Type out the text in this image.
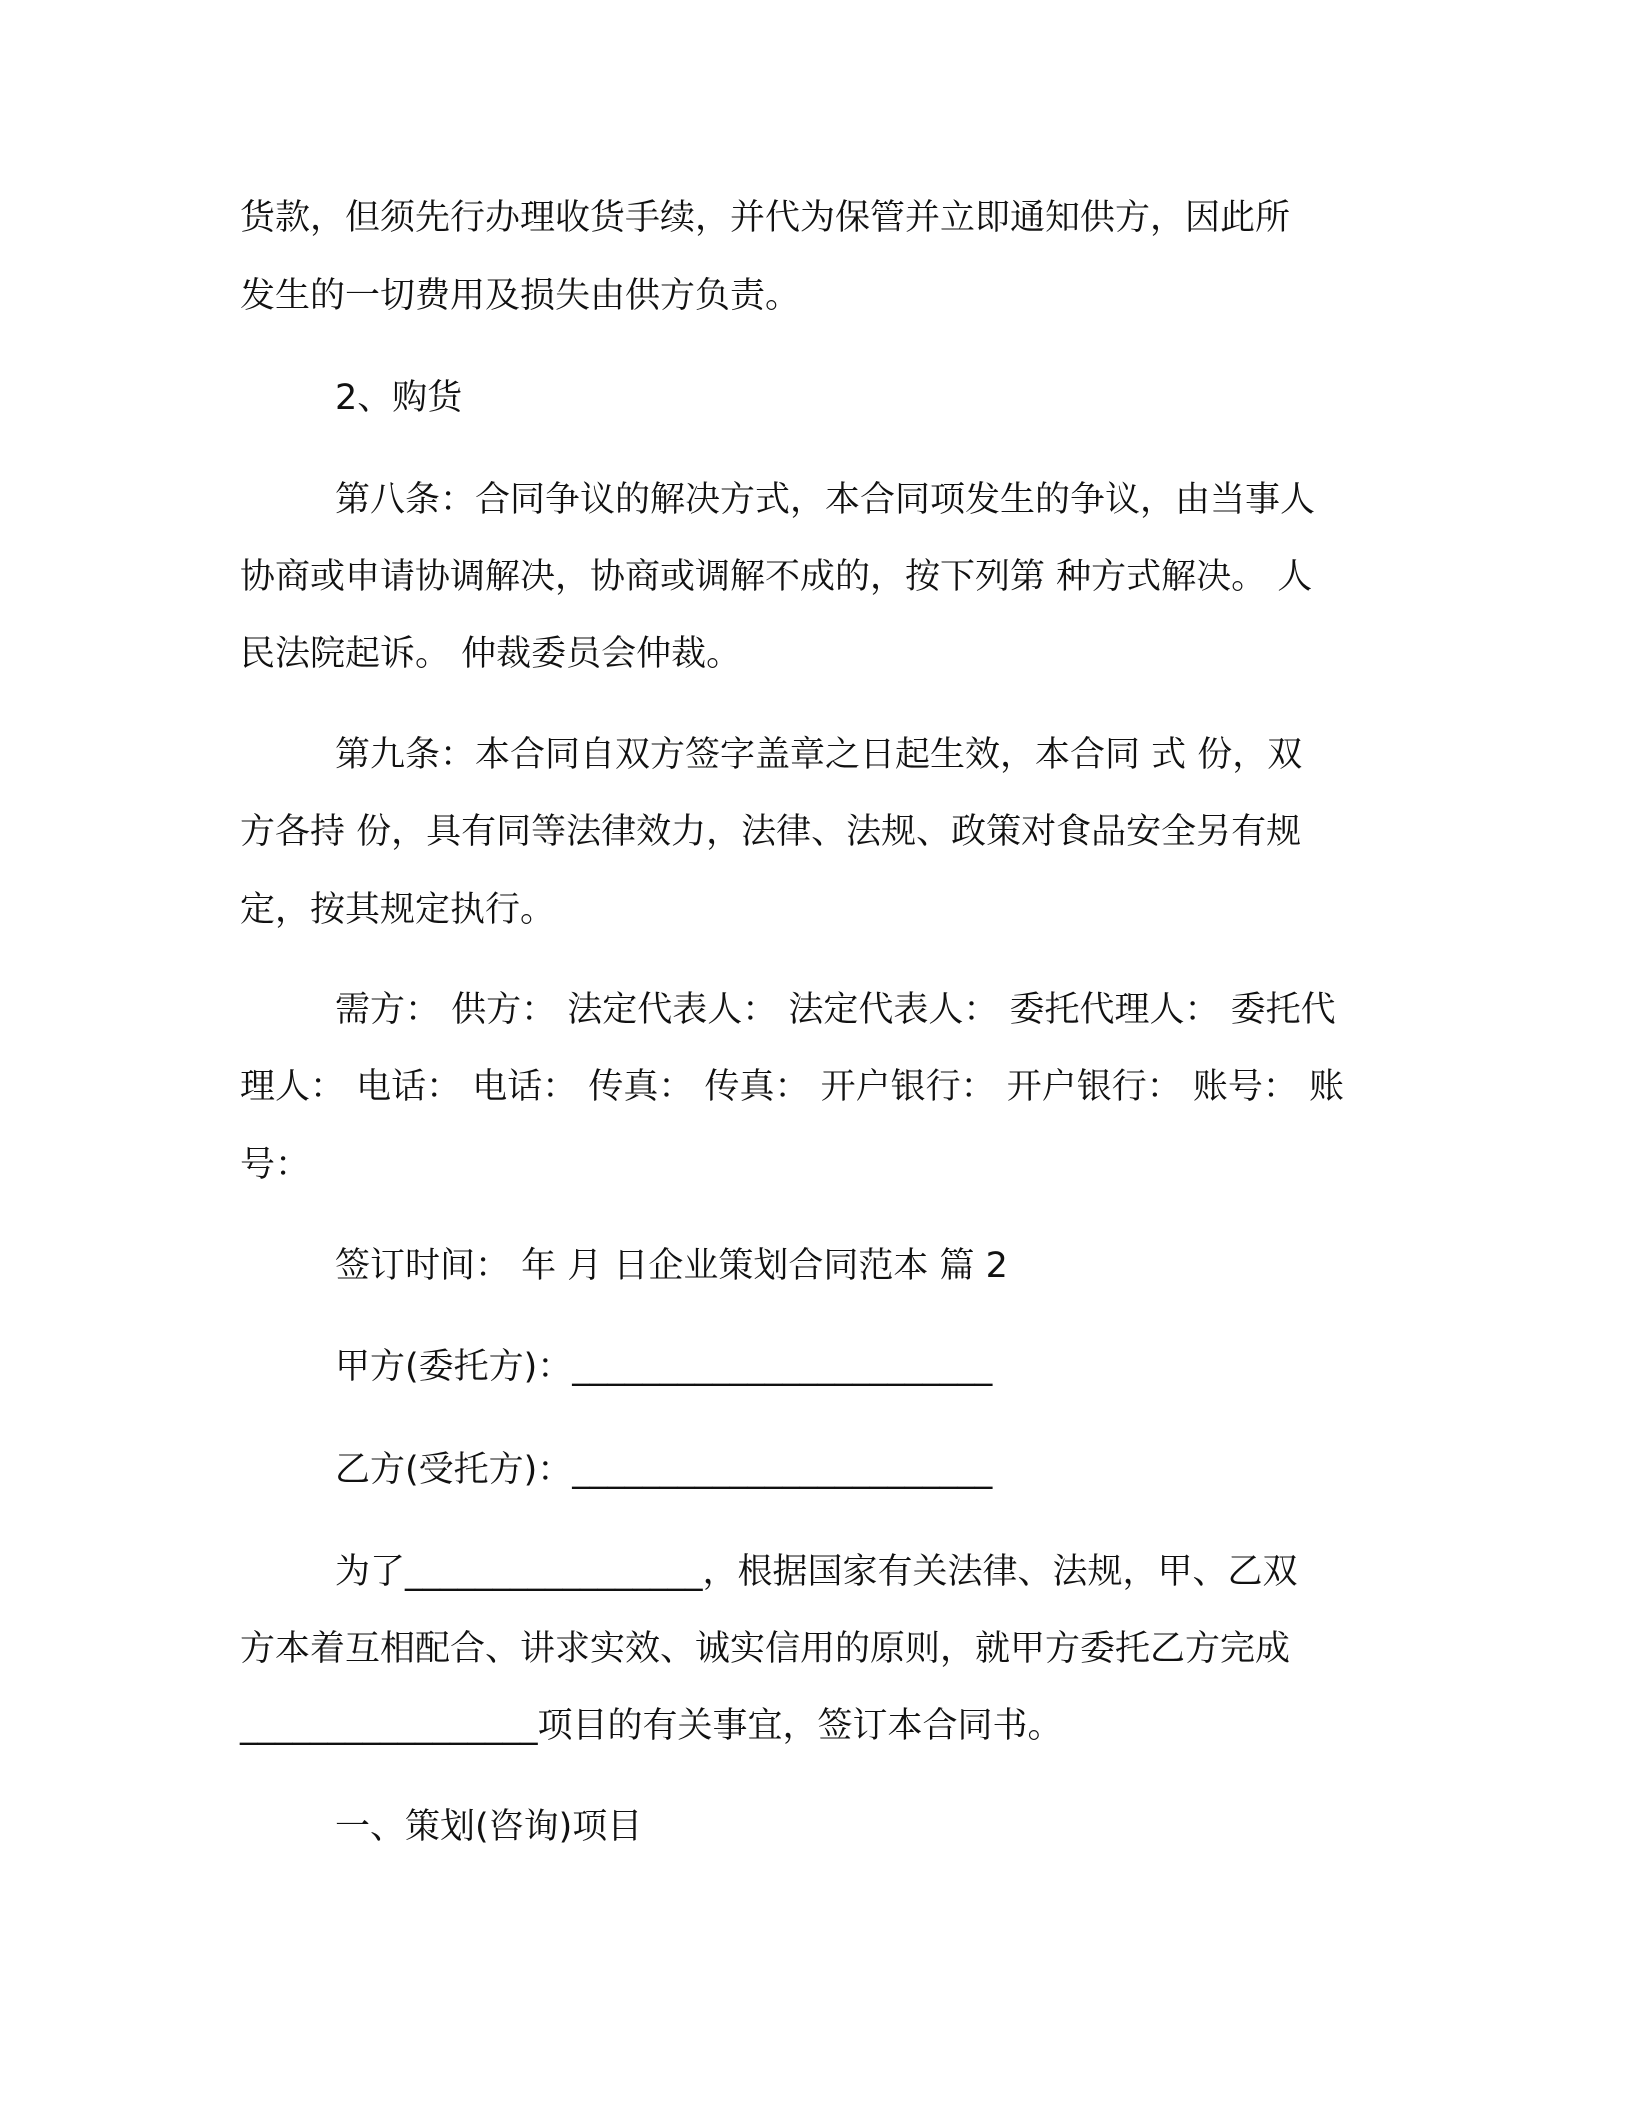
货款，但须先行办理收货手续，并代为保管并立即通知供方，因此所
发生的一切费用及损失由供方负责。
2、购货
第八条：合同争议的解决方式，本合同项发生的争议，由当事人
协商或申请协调解决，协商或调解不成的，按下列第 种方式解决。 人
民法院起诉。 仲裁委员会仲裁。
第九条：本合同自双方签字盖章之日起生效，本合同 式 份，双
方各持 份，具有同等法律效力，法律、法规、政策对食品安全另有规
定，按其规定执行。
需方： 供方： 法定代表人： 法定代表人： 委托代理人： 委托代
理人： 电话： 电话： 传真： 传真： 开户银行： 开户银行： 账号： 账
号：
签订时间： 年 月 日企业策划合同范本 篇 2
甲方(委托方)：________________________
乙方(受托方)：________________________
为了_________________，根据国家有关法律、法规，甲、乙双
方本着互相配合、讲求实效、诚实信用的原则，就甲方委托乙方完成
_________________项目的有关事宜，签订本合同书。
一、策划(咨询)项目
